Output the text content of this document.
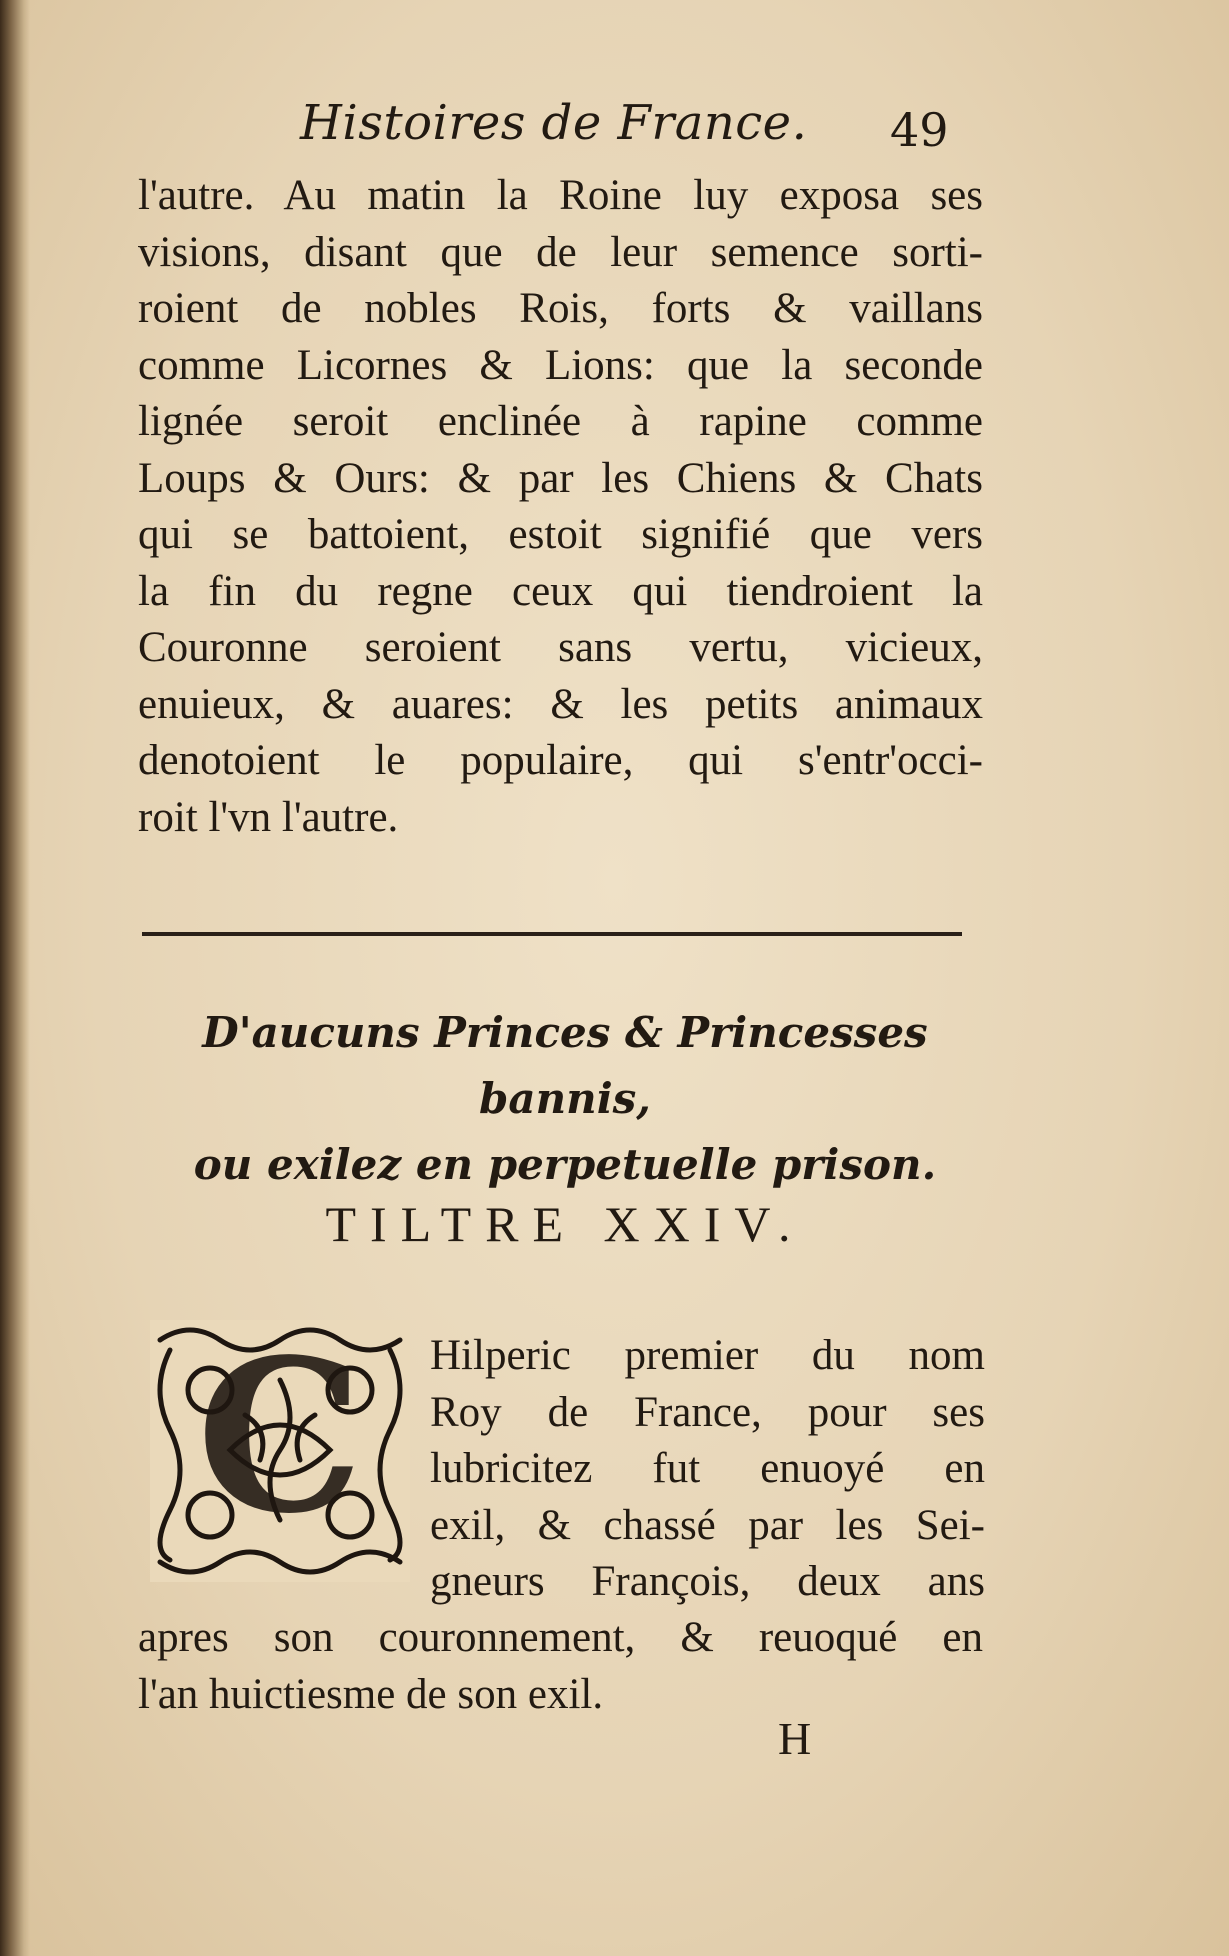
Histoires de France. 49
l'autre. Au matin la Roine luy exposa ses
visions, disant que de leur semence sorti-
roient de nobles Rois, forts & vaillans
comme Licornes & Lions: que la seconde
lignée seroit enclinée à rapine comme
Loups & Ours: & par les Chiens & Chats
qui se battoient, estoit signifié que vers
la fin du regne ceux qui tiendroient la
Couronne seroient sans vertu, vicieux,
enuieux, & auares: & les petits animaux
denotoient le populaire, qui s'entr'occi-
roit l'vn l'autre.
D'aucuns Princes & Princesses bannis,
ou exilez en perpetuelle prison.
TILTRE XXIV.
C Hilperic premier du nom
Roy de France, pour ses
lubricitez fut enuoyé en
exil, & chassé par les Sei-
gneurs François, deux ans
apres son couronnement, & reuoqué en
l'an huictiesme de son exil.
H
